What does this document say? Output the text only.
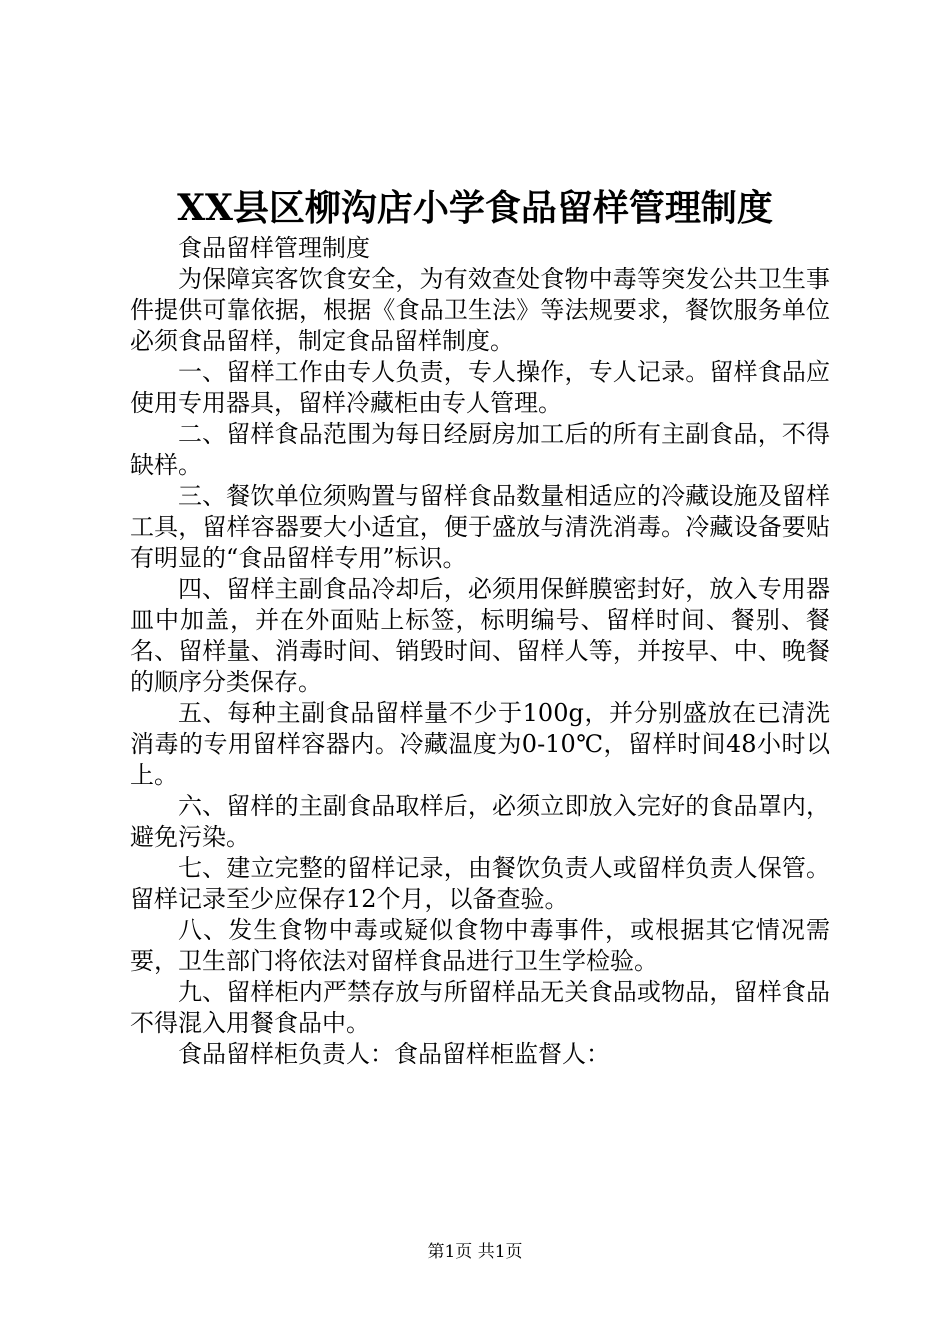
XX县区柳沟店小学食品留样管理制度

食品留样管理制度

为保障宾客饮食安全，为有效查处食物中毒等突发公共卫生事件提供可靠依据，根据《食品卫生法》等法规要求，餐饮服务单位必须食品留样，制定食品留样制度。

一、留样工作由专人负责，专人操作，专人记录。留样食品应使用专用器具，留样冷藏柜由专人管理。

二、留样食品范围为每日经厨房加工后的所有主副食品，不得缺样。

三、餐饮单位须购置与留样食品数量相适应的冷藏设施及留样工具，留样容器要大小适宜，便于盛放与清洗消毒。冷藏设备要贴有明显的“食品留样专用”标识。

四、留样主副食品冷却后，必须用保鲜膜密封好，放入专用器皿中加盖，并在外面贴上标签，标明编号、留样时间、餐别、餐名、留样量、消毒时间、销毁时间、留样人等，并按早、中、晚餐的顺序分类保存。

五、每种主副食品留样量不少于100g，并分别盛放在已清洗消毒的专用留样容器内。冷藏温度为0-10℃，留样时间48小时以上。

六、留样的主副食品取样后，必须立即放入完好的食品罩内，避免污染。

七、建立完整的留样记录，由餐饮负责人或留样负责人保管。留样记录至少应保存12个月，以备查验。

八、发生食物中毒或疑似食物中毒事件，或根据其它情况需要，卫生部门将依法对留样食品进行卫生学检验。

九、留样柜内严禁存放与所留样品无关食品或物品，留样食品不得混入用餐食品中。

食品留样柜负责人：食品留样柜监督人：

第1页 共1页
